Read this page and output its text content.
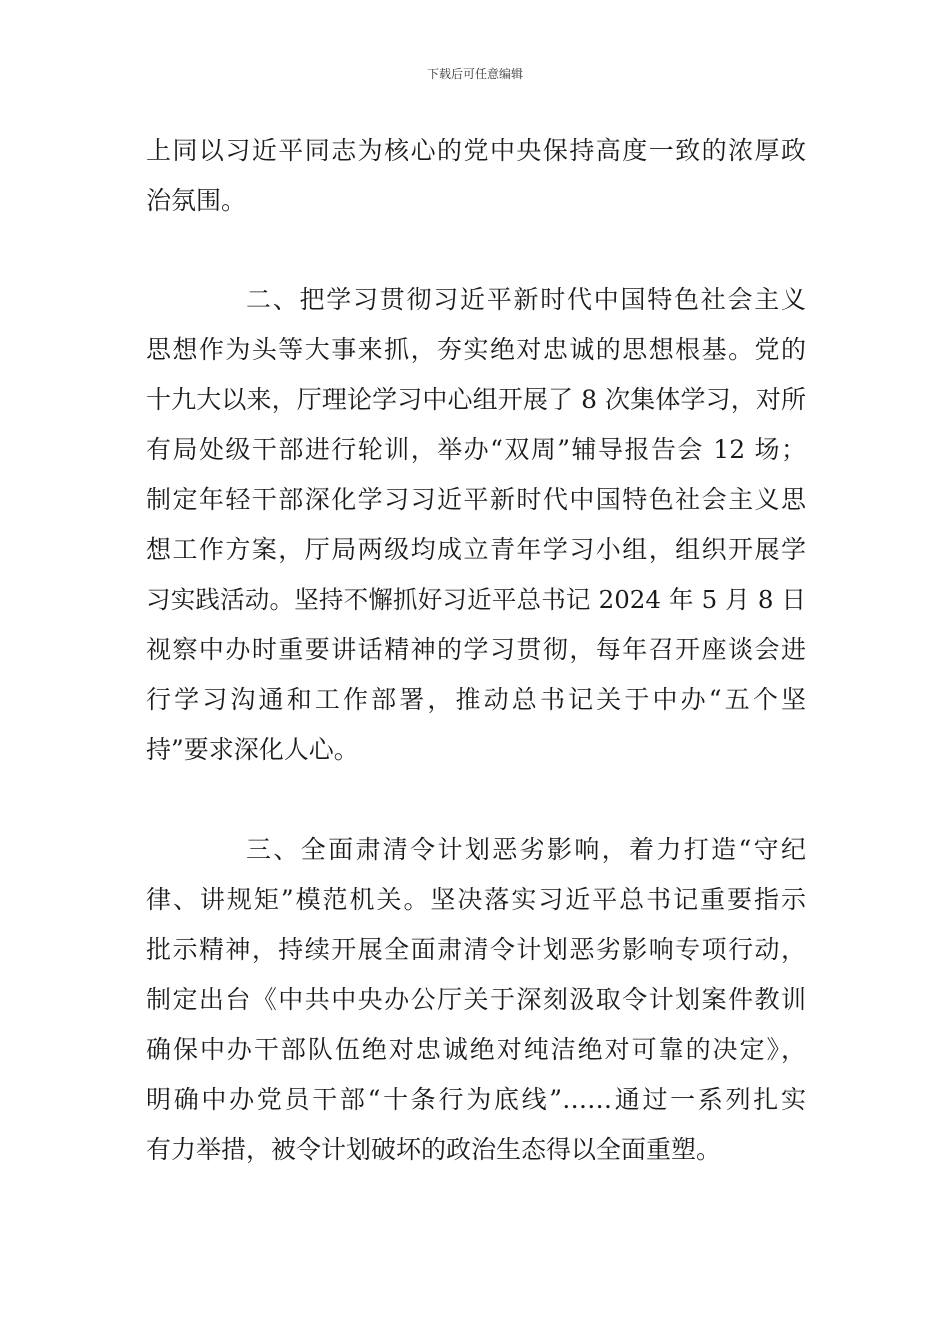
下载后可任意编辑
上同以习近平同志为核心的党中央保持高度一致的浓厚政
治氛围。
二、把学习贯彻习近平新时代中国特色社会主义
思想作为头等大事来抓，夯实绝对忠诚的思想根基。党的
十九大以来，厅理论学习中心组开展了 8 次集体学习，对所
有局处级干部进行轮训，举办“双周”辅导报告会 12 场；
制定年轻干部深化学习习近平新时代中国特色社会主义思
想工作方案，厅局两级均成立青年学习小组，组织开展学
习实践活动。坚持不懈抓好习近平总书记 2024 年 5 月 8 日
视察中办时重要讲话精神的学习贯彻，每年召开座谈会进
行学习沟通和工作部署，推动总书记关于中办“五个坚
持”要求深化人心。
三、全面肃清令计划恶劣影响，着力打造“守纪
律、讲规矩”模范机关。坚决落实习近平总书记重要指示
批示精神，持续开展全面肃清令计划恶劣影响专项行动，
制定出台《中共中央办公厅关于深刻汲取令计划案件教训
确保中办干部队伍绝对忠诚绝对纯洁绝对可靠的决定》，
明确中办党员干部“十条行为底线”……通过一系列扎实
有力举措，被令计划破坏的政治生态得以全面重塑。
